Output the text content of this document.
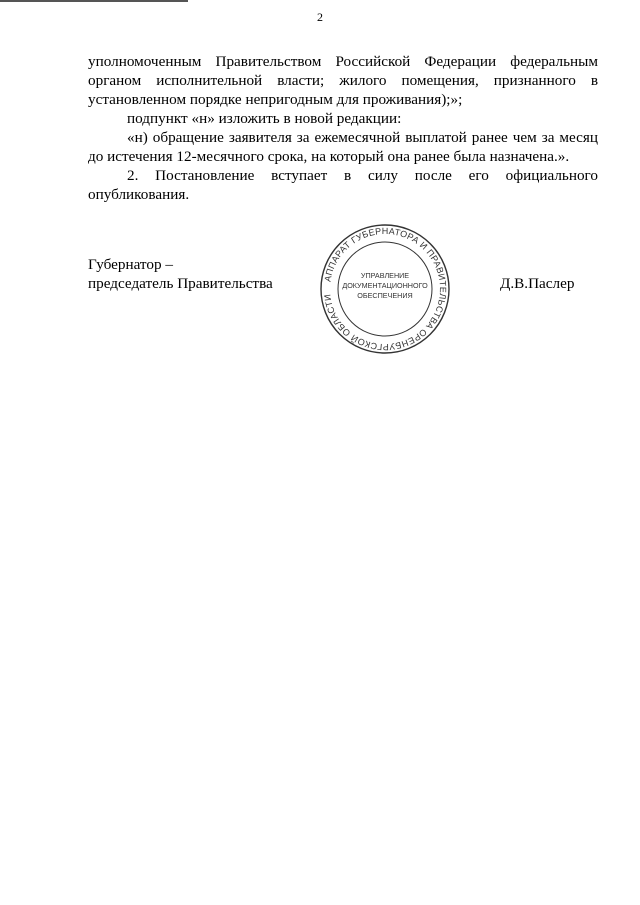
2

уполномоченным Правительством Российской Федерации федеральным органом исполнительной власти; жилого помещения, признанного в установленном порядке непригодным для проживания);»;

подпункт «н» изложить в новой редакции:

«н) обращение заявителя за ежемесячной выплатой ранее чем за месяц до истечения 12-месячного срока, на который она ранее была назначена.».

2. Постановление вступает в силу после его официального опубликования.

Губернатор –
председатель Правительства	АППАРАТ ГУБЕРНАТОРА И ПРАВИТЕЛЬСТВА ОРЕНБУРГСКОЙ ОБЛАСТИ
УПРАВЛЕНИЕ
ДОКУМЕНТАЦИОННОГО
ОБЕСПЕЧЕНИЯ
Д.В.Паслер
